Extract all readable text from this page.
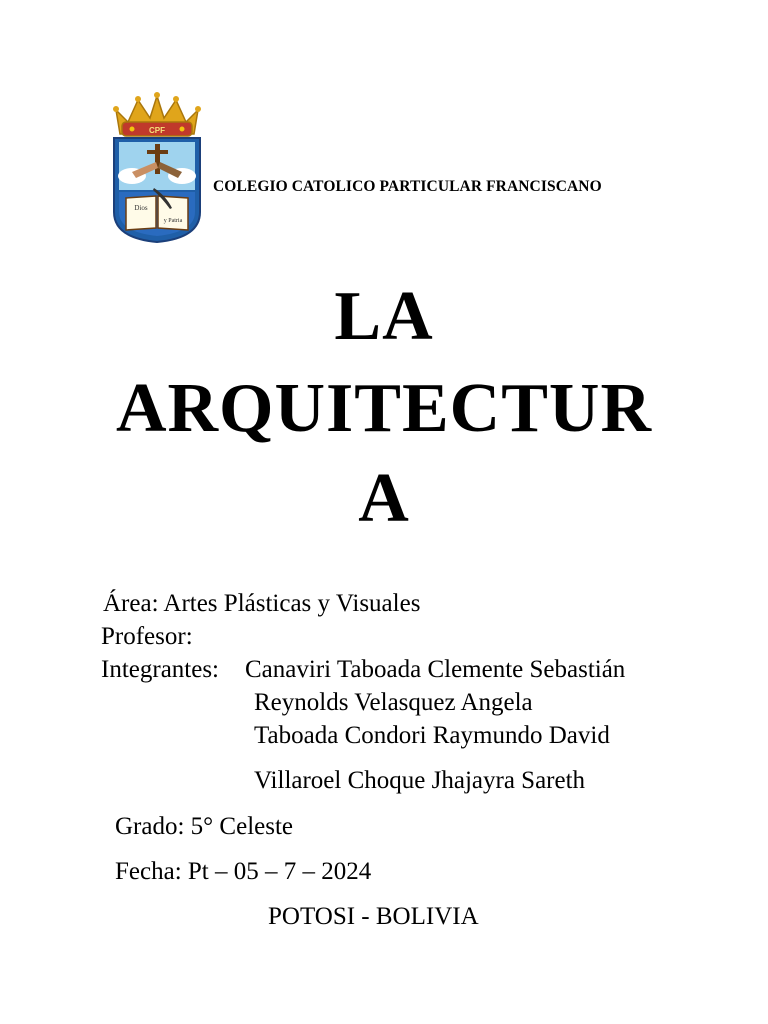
CPF
Dios
y Patria
COLEGIO CATOLICO PARTICULAR FRANCISCANO
LA
ARQUITECTUR
A
Área: Artes Plásticas y Visuales
Profesor:
Integrantes: Canaviri Taboada Clemente Sebastián
Reynolds Velasquez Angela
Taboada Condori Raymundo David
Villaroel Choque Jhajayra Sareth
Grado: 5° Celeste
Fecha: Pt – 05 – 7 – 2024
POTOSI - BOLIVIA
